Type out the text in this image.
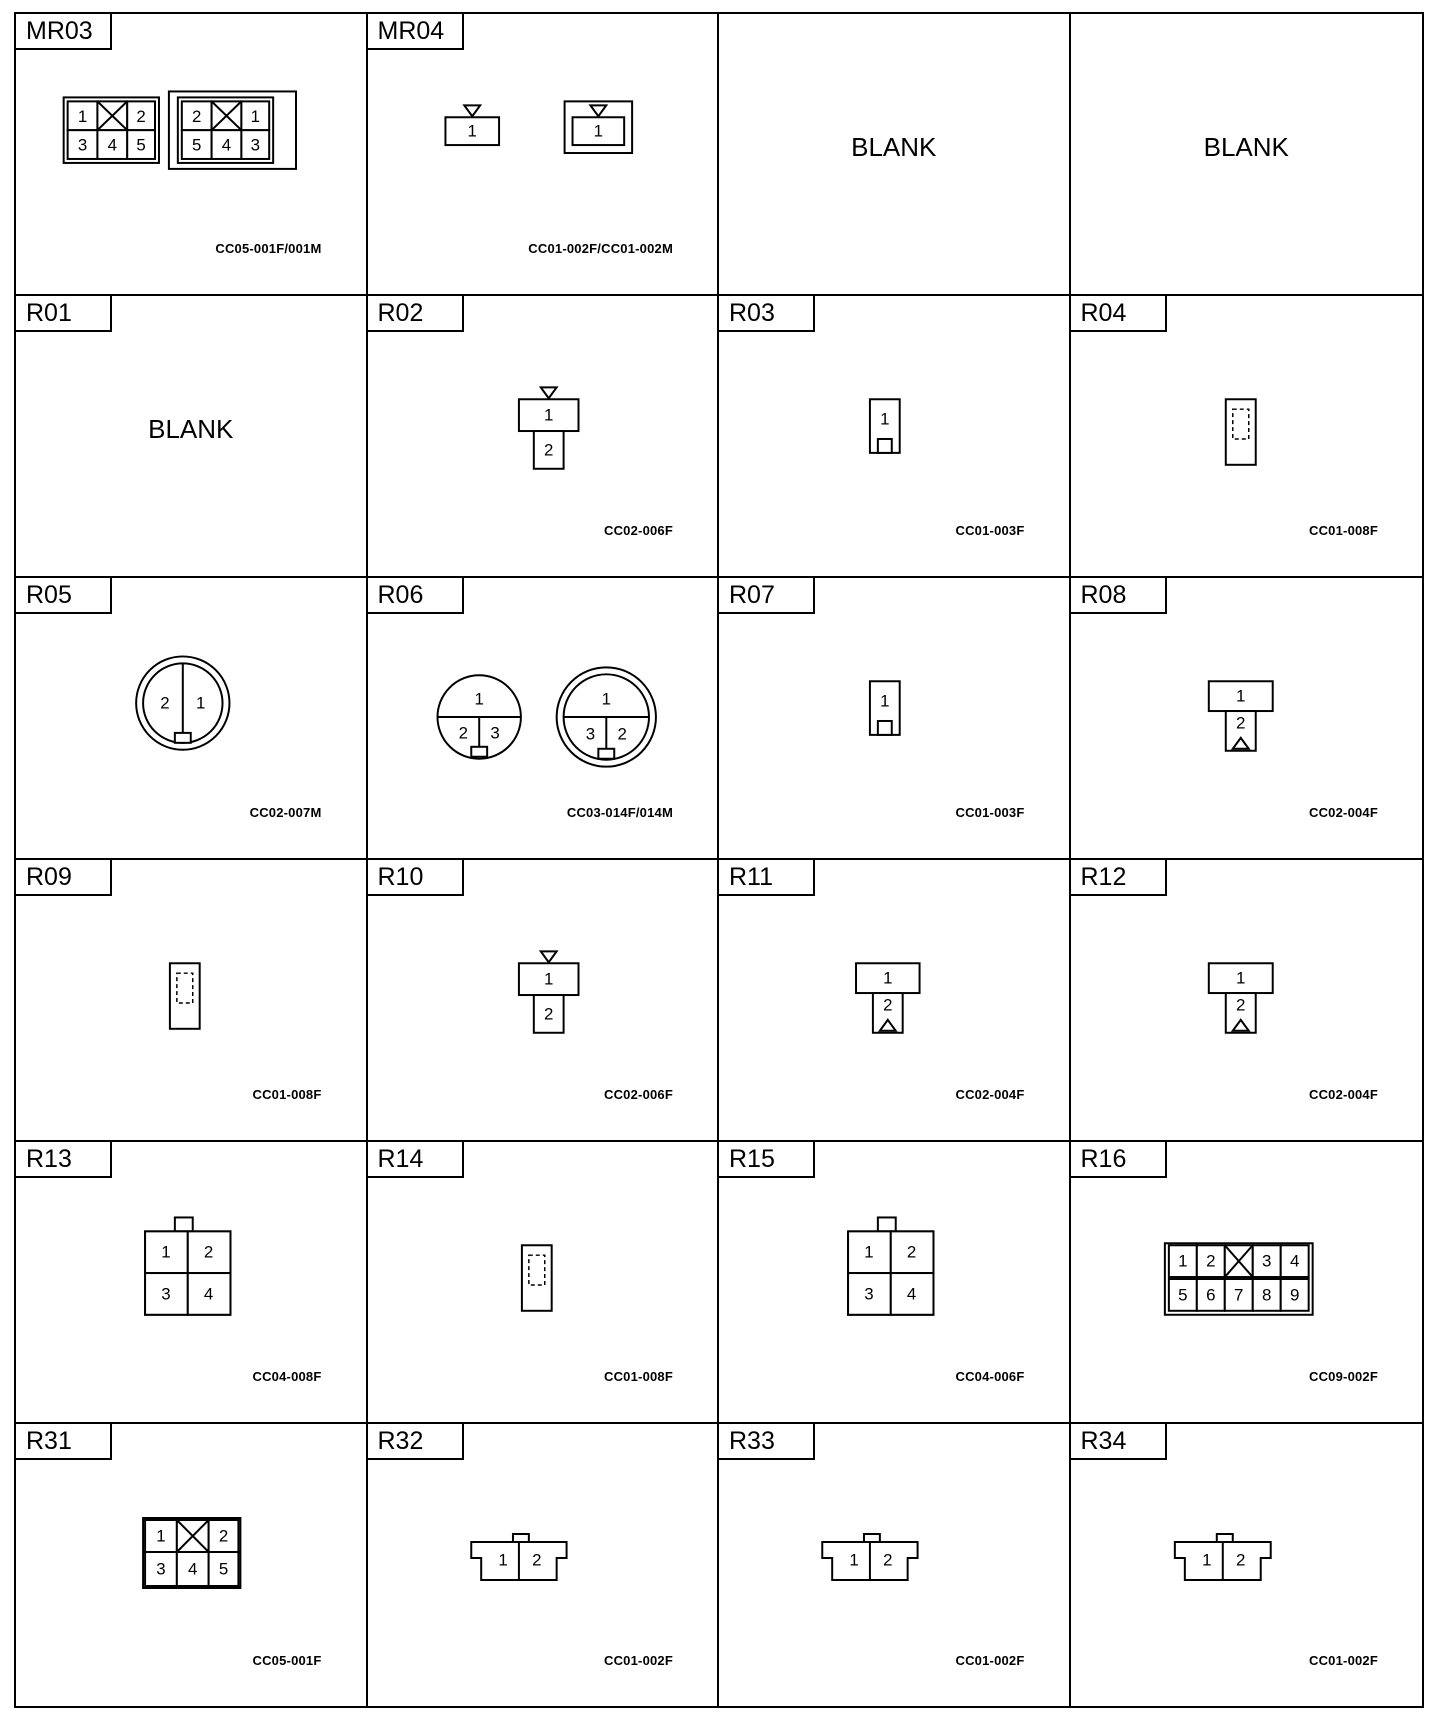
MR03
CC05-001F/001M
1	2
3 4 5
2	1
5 4 3
MR04
CC01-002F/CC01-002M
1	1
BLANK	BLANK
R01
BLANK
R02
CC02-006F
1
2
R03
CC01-003F
1
R04
CC01-008F
R05
CC02-007M
2 1
R06
CC03-014F/014M
1
2 3
1
3 2
R07
CC01-003F
1
R08
CC02-004F
1
2
R09
CC01-008F
R10
CC02-006F
1
2
R11
CC02-004F
1
2
R12
CC02-004F
1
2
R13
CC04-008F
1 2
3 4
R14
CC01-008F
R15
CC04-006F
1 2
3 4
R16
CC09-002F
1 2	3 4
5 6 7 8 9
R31
CC05-001F
1	2
3 4 5
R32
CC01-002F
1 2
R33
CC01-002F
1 2
R34
CC01-002F
1 2
